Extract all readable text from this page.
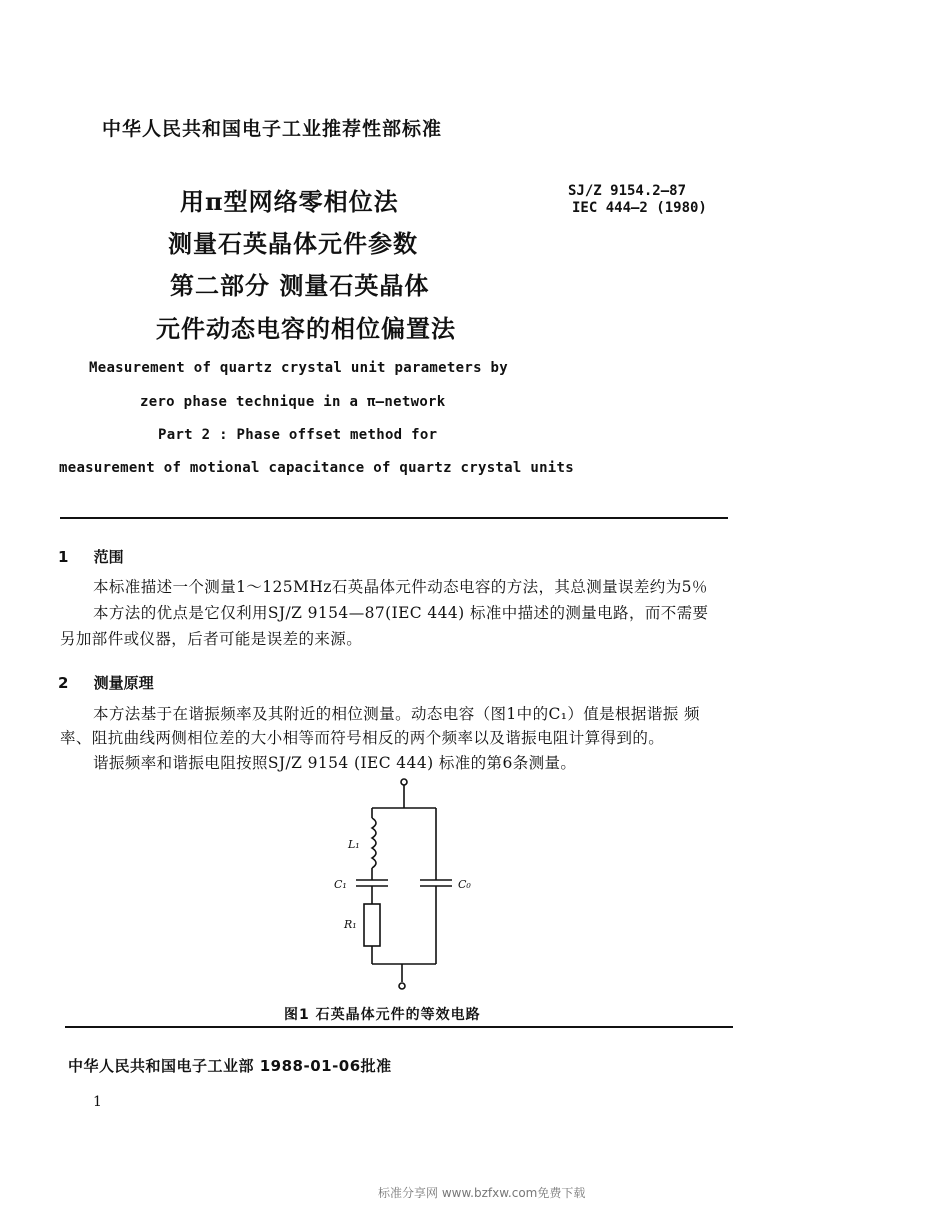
中华人民共和国电子工业推荐性部标准
用π型网络零相位法
测量石英晶体元件参数
第二部分 测量石英晶体
元件动态电容的相位偏置法
SJ/Z 9154.2—87
IEC 444—2 (1980)
Measurement of quartz crystal unit parameters by
zero phase technique in a π—network
Part 2 : Phase offset method for
measurement of motional capacitance of quartz crystal units
1 范围
本标准描述一个测量1～125MHz石英晶体元件动态电容的方法，其总测量误差约为5％
本方法的优点是它仅利用SJ/Z 9154—87(IEC 444) 标准中描述的测量电路，而不需要
另加部件或仪器，后者可能是误差的来源。
2 测量原理
本方法基于在谐振频率及其附近的相位测量。动态电容（图1中的C₁）值是根据谐振 频
率、阻抗曲线两侧相位差的大小相等而符号相反的两个频率以及谐振电阻计算得到的。
谐振频率和谐振电阻按照SJ/Z 9154 (IEC 444) 标准的第6条测量。
L₁
C₁
R₁
C₀
图1 石英晶体元件的等效电路
中华人民共和国电子工业部 1988-01-06批准
1
标准分享网 www.bzfxw.com免费下载
